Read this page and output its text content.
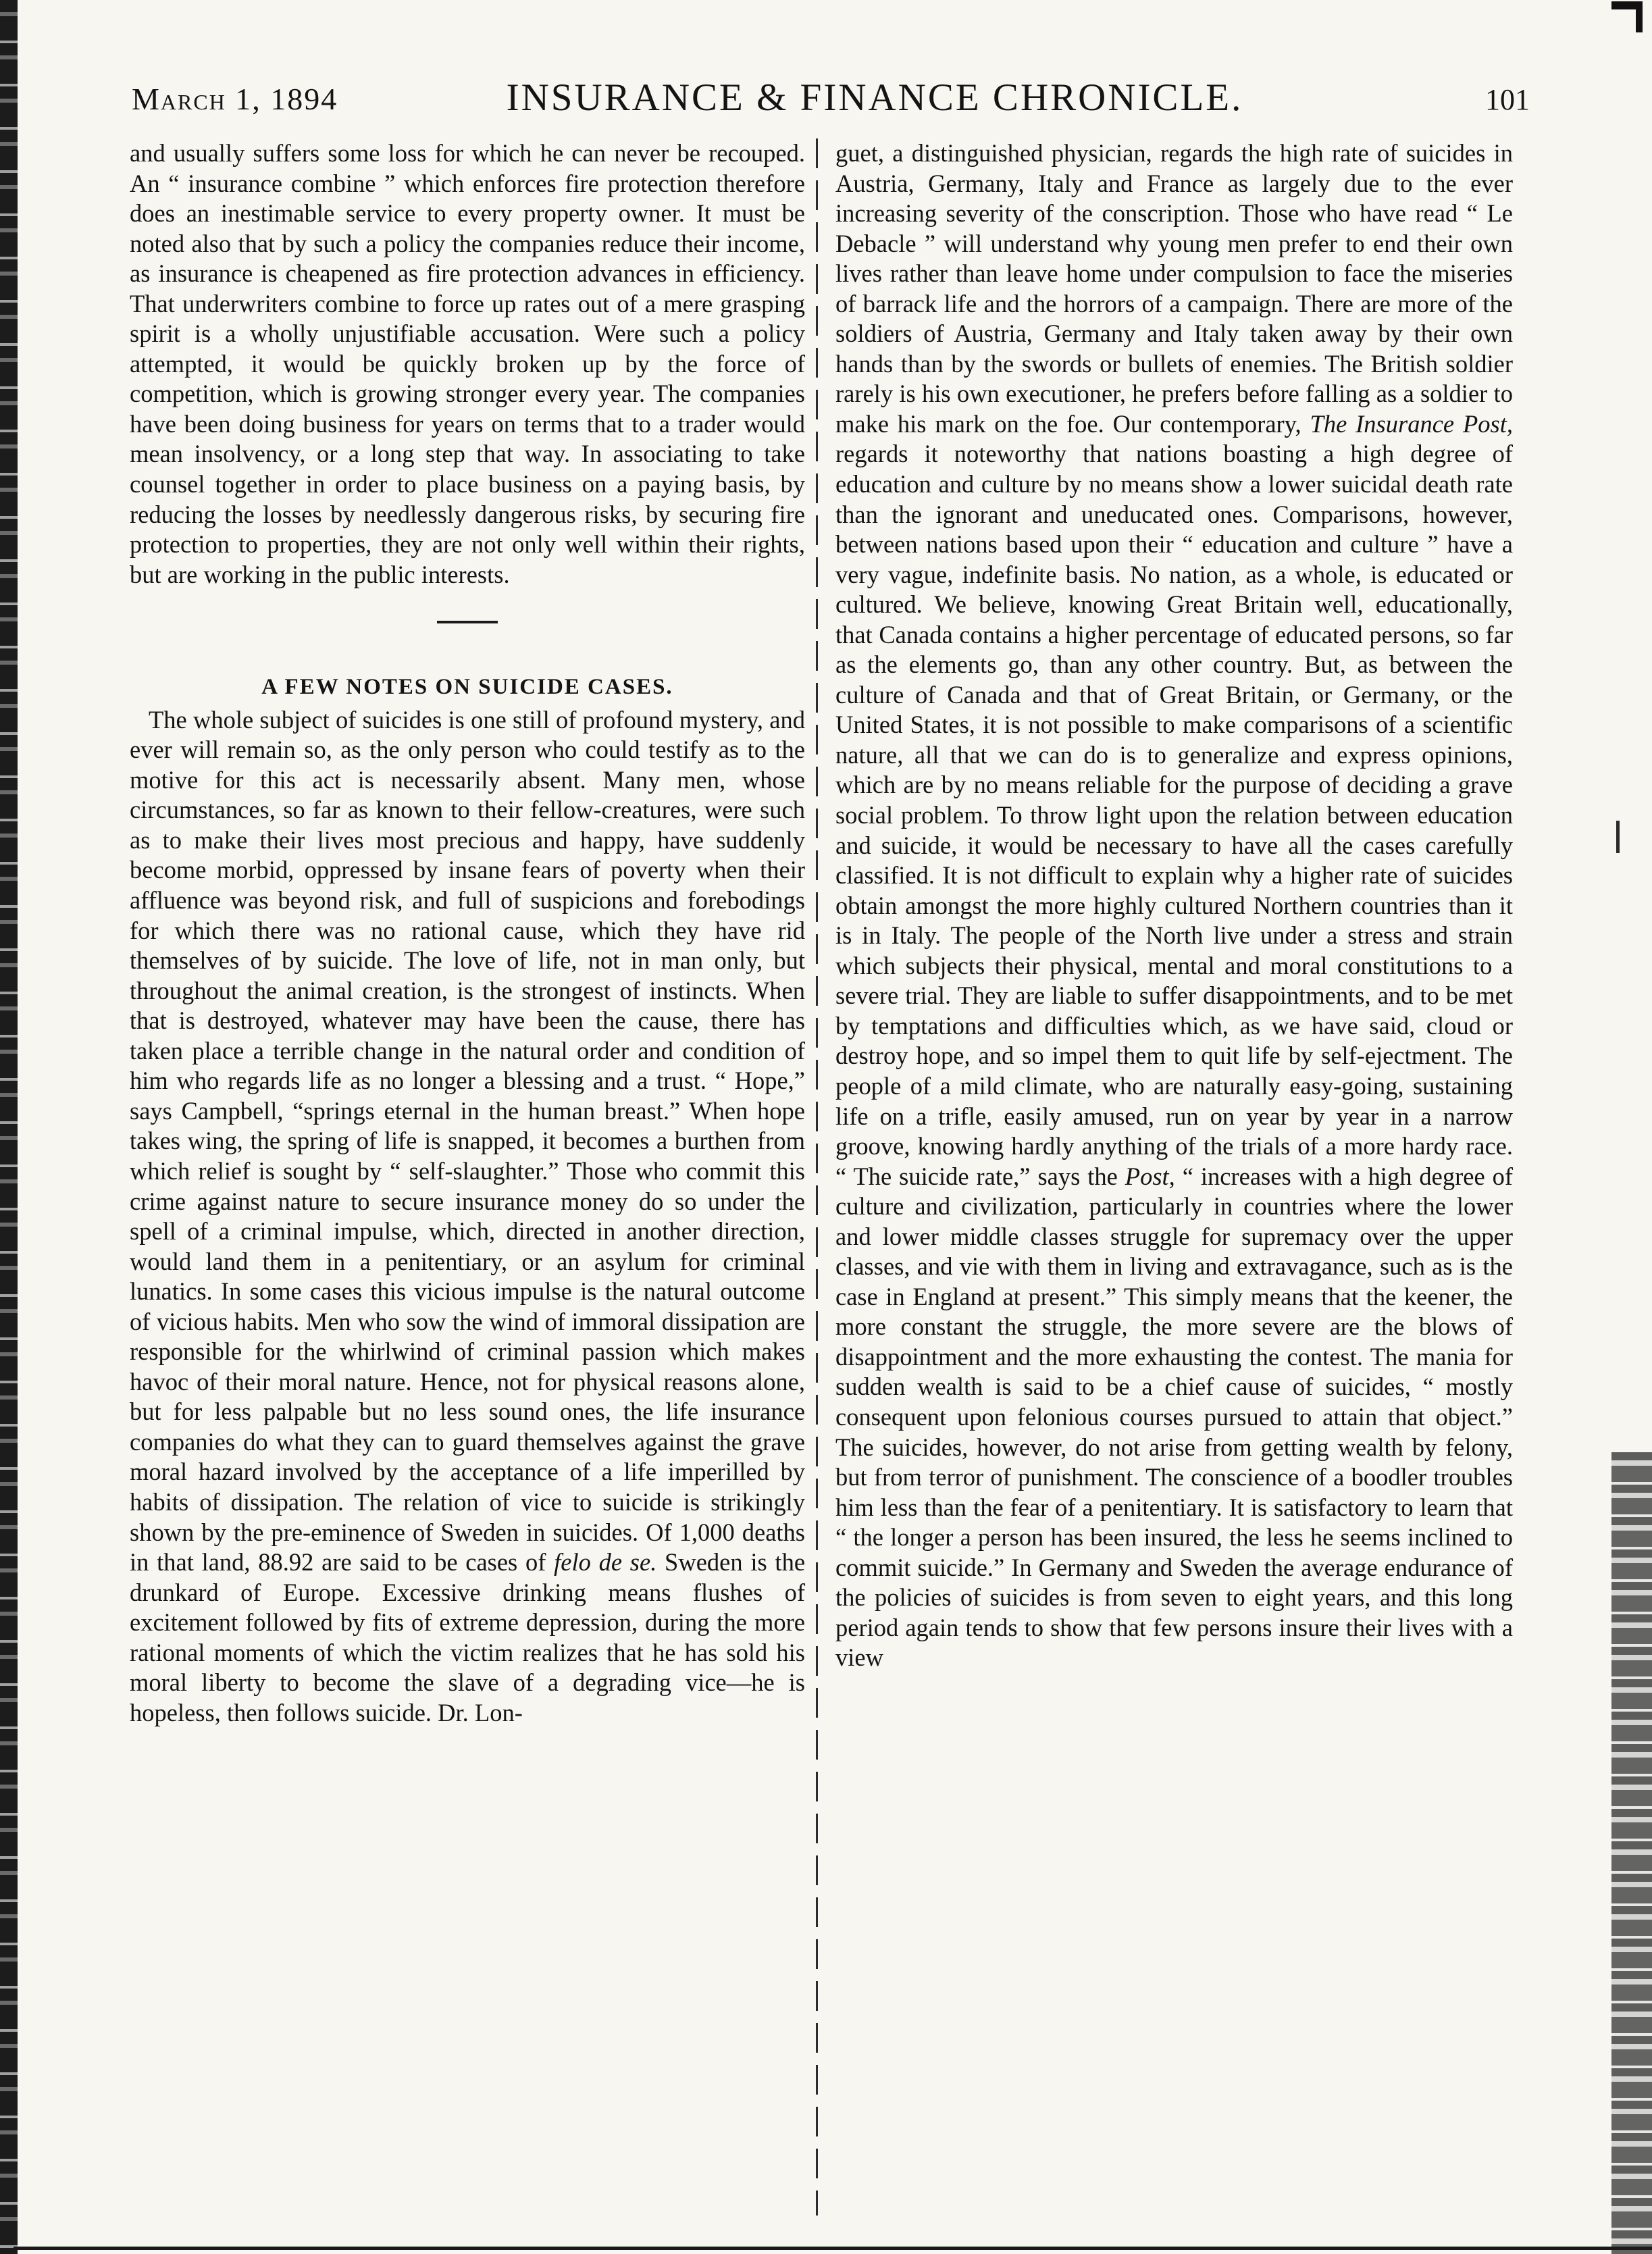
March 1, 1894	INSURANCE & FINANCE CHRONICLE.	101

and usually suffers some loss for which he can never be recouped. An “ insurance combine ” which enforces fire protection therefore does an inestimable service to every property owner. It must be noted also that by such a policy the companies reduce their income, as insurance is cheapened as fire protection advances in efficiency. That underwriters combine to force up rates out of a mere grasping spirit is a wholly unjustifiable accusation. Were such a policy attempted, it would be quickly broken up by the force of competition, which is growing stronger every year. The companies have been doing business for years on terms that to a trader would mean insolvency, or a long step that way. In associating to take counsel together in order to place business on a paying basis, by reducing the losses by needlessly dangerous risks, by securing fire protection to properties, they are not only well within their rights, but are working in the public interests.

A FEW NOTES ON SUICIDE CASES.

The whole subject of suicides is one still of profound mystery, and ever will remain so, as the only person who could testify as to the motive for this act is necessarily absent. Many men, whose circumstances, so far as known to their fellow-creatures, were such as to make their lives most precious and happy, have suddenly become morbid, oppressed by insane fears of poverty when their affluence was beyond risk, and full of suspicions and forebodings for which there was no rational cause, which they have rid themselves of by suicide. The love of life, not in man only, but throughout the animal creation, is the strongest of instincts. When that is destroyed, whatever may have been the cause, there has taken place a terrible change in the natural order and condition of him who regards life as no longer a blessing and a trust. “ Hope,” says Campbell, “springs eternal in the human breast.” When hope takes wing, the spring of life is snapped, it becomes a burthen from which relief is sought by “ self-slaughter.” Those who commit this crime against nature to secure insurance money do so under the spell of a criminal impulse, which, directed in another direction, would land them in a penitentiary, or an asylum for criminal lunatics. In some cases this vicious impulse is the natural outcome of vicious habits. Men who sow the wind of immoral dissipation are responsible for the whirlwind of criminal passion which makes havoc of their moral nature. Hence, not for physical reasons alone, but for less palpable but no less sound ones, the life insurance companies do what they can to guard themselves against the grave moral hazard involved by the acceptance of a life imperilled by habits of dissipation. The relation of vice to suicide is strikingly shown by the pre-eminence of Sweden in suicides. Of 1,000 deaths in that land, 88.92 are said to be cases of felo de se. Sweden is the drunkard of Europe. Excessive drinking means flushes of excitement followed by fits of extreme depression, during the more rational moments of which the victim realizes that he has sold his moral liberty to become the slave of a degrading vice—he is hopeless, then follows suicide. Dr. Lon-

guet, a distinguished physician, regards the high rate of suicides in Austria, Germany, Italy and France as largely due to the ever increasing severity of the conscription. Those who have read “ Le Debacle ” will understand why young men prefer to end their own lives rather than leave home under compulsion to face the miseries of barrack life and the horrors of a campaign. There are more of the soldiers of Austria, Germany and Italy taken away by their own hands than by the swords or bullets of enemies. The British soldier rarely is his own executioner, he prefers before falling as a soldier to make his mark on the foe. Our contemporary, The Insurance Post, regards it noteworthy that nations boasting a high degree of education and culture by no means show a lower suicidal death rate than the ignorant and uneducated ones. Comparisons, however, between nations based upon their “ education and culture ” have a very vague, indefinite basis. No nation, as a whole, is educated or cultured. We believe, knowing Great Britain well, educationally, that Canada contains a higher percentage of educated persons, so far as the elements go, than any other country. But, as between the culture of Canada and that of Great Britain, or Germany, or the United States, it is not possible to make comparisons of a scientific nature, all that we can do is to generalize and express opinions, which are by no means reliable for the purpose of deciding a grave social problem. To throw light upon the relation between education and suicide, it would be necessary to have all the cases carefully classified. It is not difficult to explain why a higher rate of suicides obtain amongst the more highly cultured Northern countries than it is in Italy. The people of the North live under a stress and strain which subjects their physical, mental and moral constitutions to a severe trial. They are liable to suffer disappointments, and to be met by temptations and difficulties which, as we have said, cloud or destroy hope, and so impel them to quit life by self-ejectment. The people of a mild climate, who are naturally easy-going, sustaining life on a trifle, easily amused, run on year by year in a narrow groove, knowing hardly anything of the trials of a more hardy race. “ The suicide rate,” says the Post, “ increases with a high degree of culture and civilization, particularly in countries where the lower and lower middle classes struggle for supremacy over the upper classes, and vie with them in living and extravagance, such as is the case in England at present.” This simply means that the keener, the more constant the struggle, the more severe are the blows of disappointment and the more exhausting the contest. The mania for sudden wealth is said to be a chief cause of suicides, “ mostly consequent upon felonious courses pursued to attain that object.” The suicides, however, do not arise from getting wealth by felony, but from terror of punishment. The conscience of a boodler troubles him less than the fear of a penitentiary. It is satisfactory to learn that “ the longer a person has been insured, the less he seems inclined to commit suicide.” In Germany and Sweden the average endurance of the policies of suicides is from seven to eight years, and this long period again tends to show that few persons insure their lives with a view
